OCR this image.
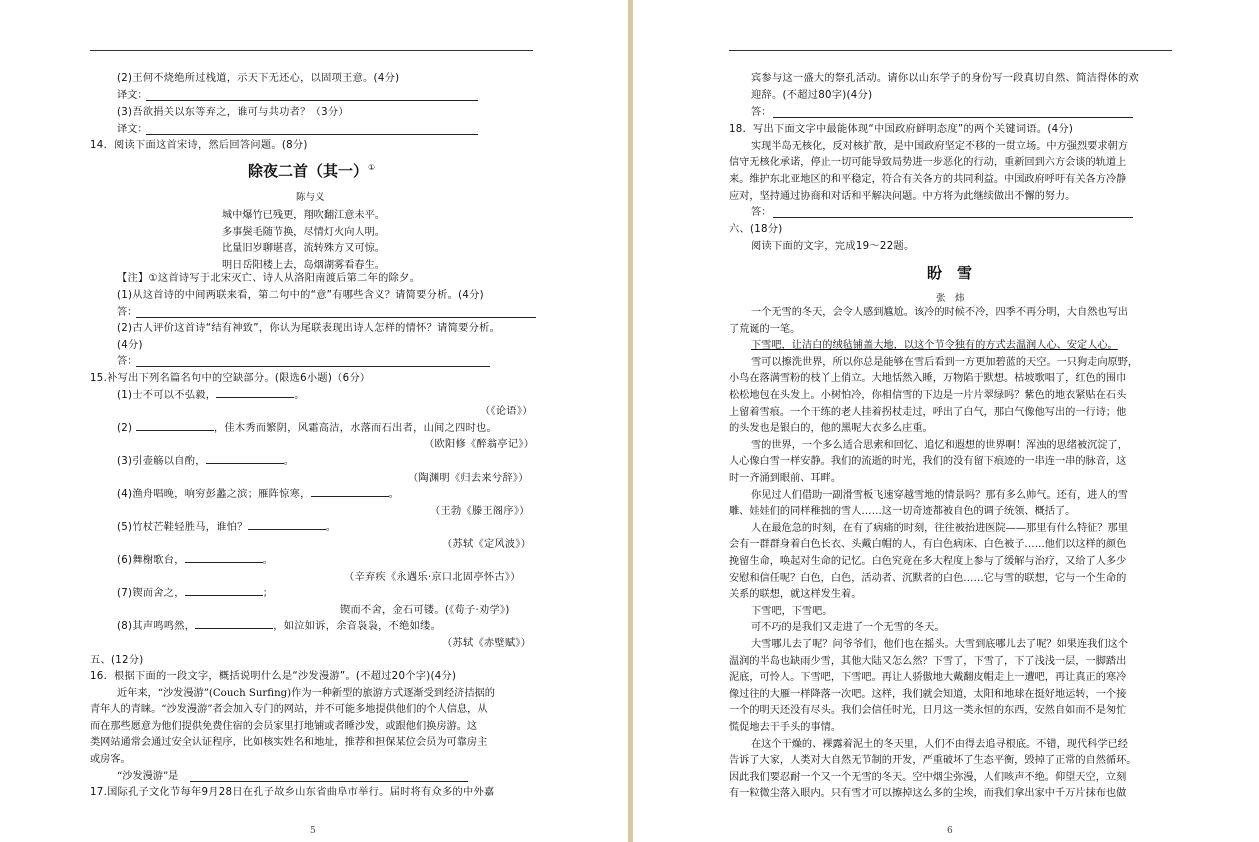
(2)王何不烧绝所过栈道，示天下无还心，以固项王意。(4分)
译文：
(3)吾欲捐关以东等弃之，谁可与共功者？（3分）
译文：
14．阅读下面这首宋诗，然后回答问题。(8分)
除夜二首（其一）①
陈与义
城中爆竹已残更，翔吹翻江意未平。
多事鬓毛随节换，尽情灯火向人明。
比量旧岁聊堪喜，流转殊方又可惊。
明日岳阳楼上去，岛烟湖雾看春生。
【注】①这首诗写于北宋灭亡、诗人从洛阳南渡后第二年的除夕。
(1)从这首诗的中间两联来看，第二句中的“意”有哪些含义？请简要分析。(4分)
答：
(2)古人评价这首诗“结有神致”，你认为尾联表现出诗人怎样的情怀？请简要分析。
(4分)
答：
15.补写出下列名篇名句中的空缺部分。(限选6小题)（6分）
(1)士不可以不弘毅，	。
（《论语》）
(2)	，佳木秀而繁阴，风霜高洁，水落而石出者，山间之四时也。
（欧阳修《醉翁亭记》）
(3)引壶觞以自酌，	。
（陶渊明《归去来兮辞》）
(4)渔舟唱晚，响穷彭蠡之滨；雁阵惊寒，	。
（王勃《滕王阁序》）
(5)竹杖芒鞋轻胜马，谁怕？	。
（苏轼《定风波》）
(6)舞榭歌台，	。
（辛弃疾《永遇乐·京口北固亭怀古》）
(7)锲而舍之，	；
锲而不舍，金石可镂。(《荀子·劝学》)
(8)其声鸣鸣然，	，如泣如诉，余音袅袅，不绝如缕。
（苏轼《赤壁赋》）
五、(12分)
16．根据下面的一段文字，概括说明什么是“沙发漫游”。(不超过20个字)(4分)
近年来，“沙发漫游”(Couch Surfing)作为一种新型的旅游方式逐渐受到经济拮据的
青年人的青睐。“沙发漫游”者会加入专门的网站，并不可能多地提供他们的个人信息，从
而在那些愿意为他们提供免费住宿的会员家里打地铺或者睡沙发，或跟他们换房游。这
类网站通常会通过安全认证程序，比如核实姓名和地址，推荐和担保某位会员为可靠房主
或房客。
“沙发漫游”是
17.国际孔子文化节每年9月28日在孔子故乡山东省曲阜市举行。届时将有众多的中外嘉
5
宾参与这一盛大的祭孔活动。请你以山东学子的身份写一段真切自然、简洁得体的欢
迎辞。(不超过80字)(4分)
答：
18．写出下面文字中最能体现“中国政府鲜明态度”的两个关键词语。(4分)
实现半岛无核化，反对核扩散，是中国政府坚定不移的一贯立场。中方强烈要求朝方
信守无核化承诺，停止一切可能导致局势进一步恶化的行动，重新回到六方会谈的轨道上
来。维护东北亚地区的和平稳定，符合有关各方的共同利益。中国政府呼吁有关各方冷静
应对，坚持通过协商和对话和平解决问题。中方将为此继续做出不懈的努力。
答：
六、(18分)
阅读下面的文字，完成19～22题。
盼　雪
张　炜
一个无雪的冬天，会令人感到尴尬。该冷的时候不冷，四季不再分明，大自然也写出
了荒诞的一笔。
下雪吧，让洁白的绒毡铺盖大地，以这个节令独有的方式去温润人心、安定人心。
雪可以擦洗世界，所以你总是能够在雪后看到一方更加碧蓝的天空。一只狗走向原野，
小鸟在落满雪粉的枝丫上俏立。大地恬然入睡，万物陷于默想。枯坡歌唱了，红色的围巾
松松地包在头发上。小树怕冷，你相信雪的下边是一片片翠绿吗？紫色的地衣紧贴在石头
上留着雪痕。一个干练的老人挂着拐杖走过，呼出了白气，那白气像他写出的一行诗；他
的头发也是银白的，他的黑呢大衣多么庄重。
雪的世界，一个多么适合思索和回忆、追忆和遐想的世界啊！浑浊的思绪被沉淀了，
人心像白雪一样安静。我们的流逝的时光，我们的没有留下痕迹的一串连一串的脉音，这
时一齐涌到眼前、耳畔。
你见过人们借助一副滑雪板飞速穿越雪地的情景吗？那有多么帅气。还有，进人的雪
雕、娃娃们的同样稚拙的雪人……这一切奇迹都被自色的调子统领、概括了。
人在最危急的时刻，在有了病痛的时刻，往往被抬进医院——那里有什么特征？那里
会有一群群身着白色长衣、头戴白帽的人，有白色病床、白色被子……他们以这样的颜色
挽留生命，唤起对生命的记忆。白色究竟在多大程度上参与了缓解与治疗，又给了人多少
安慰和信任呢？白色，白色，活动者、沉默者的白色……它与雪的联想，它与一个生命的
关系的联想，就这样发生着。
下雪吧，下雪吧。
可不巧的是我们又走进了一个无雪的冬天。
大雪哪儿去了呢？问爷爷们，他们也在摇头。大雪到底哪儿去了呢？如果连我们这个
温润的半岛也缺雨少雪，其他大陆又怎么然？下雪了，下雪了，下了浅浅一层，一脚踏出
泥底，可怜人。下雪吧，下雪吧。再让人骄傲地大戴翻皮帽走上一遭吧，再让真正的寒冷
像过往的大雁一样降落一次吧。这样，我们就会知道，太阳和地球在挺好地运转，一个接
一个的明天还没有尽头。我们会信任时光，日月这一类永恒的东西，安然自如而不是匆忙
慌促地去干手头的事情。
在这个干燥的、裸露着泥土的冬天里，人们不由得去追寻根底。不错，现代科学已经
告诉了大家，人类对大自然无节制的开发，严重破坏了生态平衡，毁掉了正常的自然循环。
因此我们要忍耐一个又一个无雪的冬天。空中烟尘弥漫，人们咳声不绝。仰望天空，立刻
有一粒微尘落入眼内。只有雪才可以擦掉这么多的尘埃，而我们拿出家中千万片抹布也做
6
